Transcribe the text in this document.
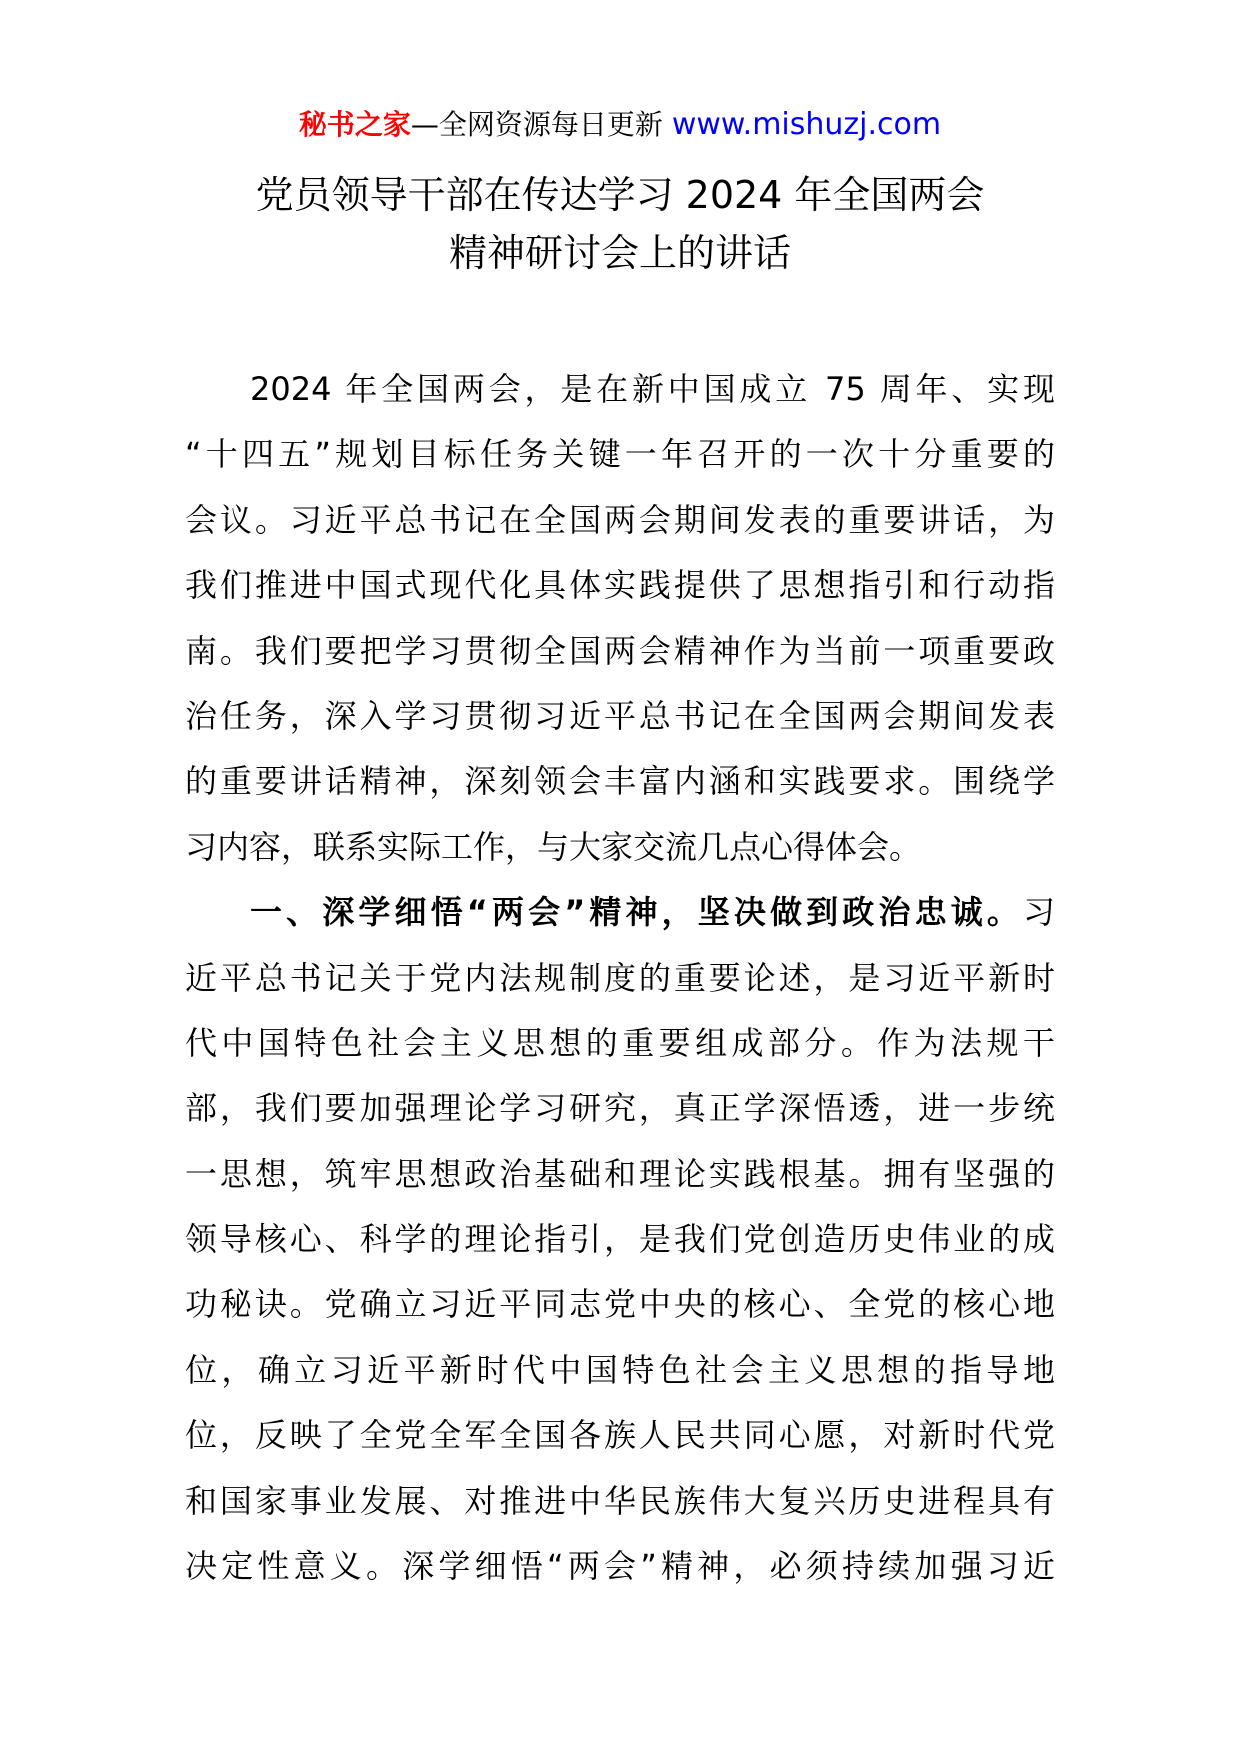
秘书之家—全网资源每日更新 www.mishuzj.com
党员领导干部在传达学习 2024 年全国两会
精神研讨会上的讲话
2024 年全国两会，是在新中国成立 75 周年、实现
“十四五”规划目标任务关键一年召开的一次十分重要的
会议。习近平总书记在全国两会期间发表的重要讲话，为
我们推进中国式现代化具体实践提供了思想指引和行动指
南。我们要把学习贯彻全国两会精神作为当前一项重要政
治任务，深入学习贯彻习近平总书记在全国两会期间发表
的重要讲话精神，深刻领会丰富内涵和实践要求。围绕学
习内容，联系实际工作，与大家交流几点心得体会。
一、深学细悟“两会”精神，坚决做到政治忠诚。习
近平总书记关于党内法规制度的重要论述，是习近平新时
代中国特色社会主义思想的重要组成部分。作为法规干
部，我们要加强理论学习研究，真正学深悟透，进一步统
一思想，筑牢思想政治基础和理论实践根基。拥有坚强的
领导核心、科学的理论指引，是我们党创造历史伟业的成
功秘诀。党确立习近平同志党中央的核心、全党的核心地
位，确立习近平新时代中国特色社会主义思想的指导地
位，反映了全党全军全国各族人民共同心愿，对新时代党
和国家事业发展、对推进中华民族伟大复兴历史进程具有
决定性意义。深学细悟“两会”精神，必须持续加强习近
